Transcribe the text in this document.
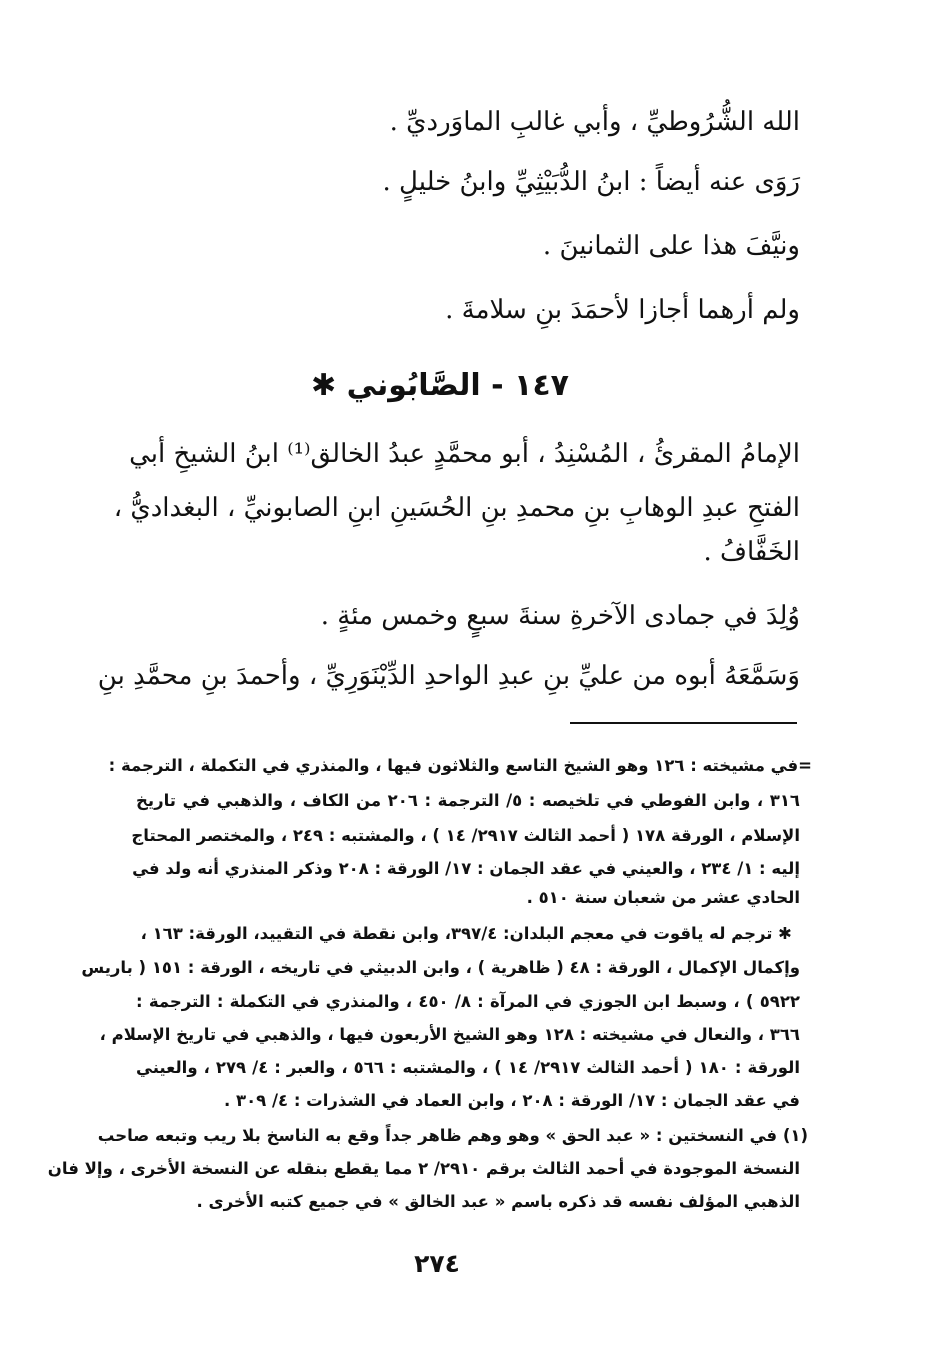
الله الشُّرُوطيِّ ، وأبي غالبِ الماوَرديِّ .
رَوَى عنه أيضاً : ابنُ الدُّبَيْثِيِّ وابنُ خليلٍ .
ونيَّفَ هذا على الثمانينَ .
ولم أرهما أجازا لأحمَدَ بنِ سلامةَ .
١٤٧ - الصَّابُوني ✱
الإمامُ المقرئُ ، المُسْنِدُ ، أبو محمَّدٍ عبدُ الخالق⁽¹⁾ ابنُ الشيخِ أبي
الفتحِ عبدِ الوهابِ بنِ محمدِ بنِ الحُسَينِ ابنِ الصابونيِّ ، البغداديُّ ،
الخَفَّافُ .
وُلِدَ في جمادى الآخرةِ سنةَ سبعٍ وخمس مئةٍ .
وَسَمَّعَهُ أبوه من عليِّ بنِ عبدِ الواحدِ الدِّيْنَوَرِيِّ ، وأحمدَ بنِ محمَّدِ بنِ
=في مشيخته : ١٢٦ وهو الشيخ التاسع والثلاثون فيها ، والمنذري في التكملة ، الترجمة :
٣١٦ ، وابن الفوطي في تلخيصه : ٥/ الترجمة : ٢٠٦ من الكاف ، والذهبي في تاريخ
الإسلام ، الورقة ١٧٨ ( أحمد الثالث ٢٩١٧/ ١٤ ) ، والمشتبه : ٢٤٩ ، والمختصر المحتاج
إليه : ١/ ٢٣٤ ، والعيني في عقد الجمان : ١٧/ الورقة : ٢٠٨ وذكر المنذري أنه ولد في
الحادي عشر من شعبان سنة ٥١٠ .
✱ ترجم له ياقوت في معجم البلدان: ٣٩٧/٤، وابن نقطة في التقييد، الورقة: ١٦٣ ،
وإكمال الإكمال ، الورقة : ٤٨ ( ظاهرية ) ، وابن الدبيثي في تاريخه ، الورقة : ١٥١ ( باريس
٥٩٢٢ ) ، وسبط ابن الجوزي في المرآة : ٨/ ٤٥٠ ، والمنذري في التكملة : الترجمة :
٣٦٦ ، والنعال في مشيخته : ١٢٨ وهو الشيخ الأربعون فيها ، والذهبي في تاريخ الإسلام ،
الورقة : ١٨٠ ( أحمد الثالث ٢٩١٧/ ١٤ ) ، والمشتبه : ٥٦٦ ، والعبر : ٤/ ٢٧٩ ، والعيني
في عقد الجمان : ١٧/ الورقة : ٢٠٨ ، وابن العماد في الشذرات : ٤/ ٣٠٩ .
(١) في النسختين : « عبد الحق » وهو وهم ظاهر جداً وقع به الناسخ بلا ريب وتبعه صاحب
النسخة الموجودة في أحمد الثالث برقم ٢٩١٠/ ٢ مما يقطع بنقله عن النسخة الأخرى ، وإلا فان
الذهبي المؤلف نفسه قد ذكره باسم « عبد الخالق » في جميع كتبه الأخرى .
٢٧٤
